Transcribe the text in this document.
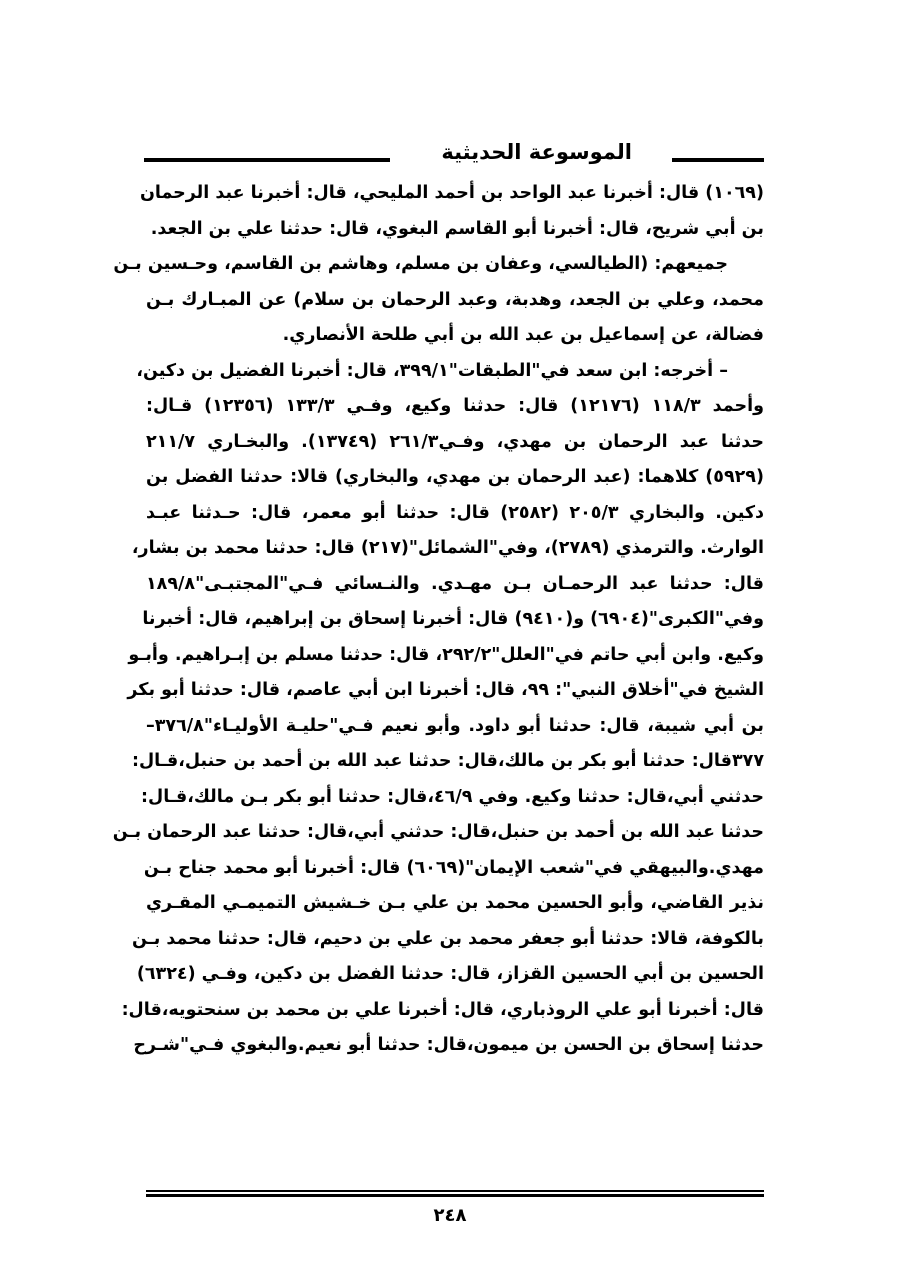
الموسوعة الحديثية
(١٠٦٩) قال: أخبرنا عبد الواحد بن أحمد المليحي، قال: أخبرنا عبد الرحمان
بن أبي شريح، قال: أخبرنا أبو القاسم البغوي، قال: حدثنا علي بن الجعد.
جميعهم: (الطيالسي، وعفان بن مسلم، وهاشم بن القاسم، وحـسين بـن
محمد، وعلي بن الجعد، وهدبة، وعبد الرحمان بن سلام) عن المبـارك بـن
فضالة، عن إسماعيل بن عبد الله بن أبي طلحة الأنصاري.
– أخرجه: ابن سعد في"الطبقات"٣٩٩/١، قال: أخبرنا الفضيل بن دكين،
وأحمد ١١٨/٣ (١٢١٧٦) قال: حدثنا وكيع، وفـي ١٣٣/٣ (١٢٣٥٦) قـال:
حدثنا عبد الرحمان بن مهدي، وفـي٢٦١/٣ (١٣٧٤٩). والبخـاري ٢١١/٧
(٥٩٢٩) كلاهما: (عبد الرحمان بن مهدي، والبخاري) قالا: حدثنا الفضل بن
دكين. والبخاري ٢٠٥/٣ (٢٥٨٢) قال: حدثنا أبو معمر، قال: حـدثنا عبـد
الوارث. والترمذي (٢٧٨٩)، وفي"الشمائل"(٢١٧) قال: حدثنا محمد بن بشار،
قال: حدثنا عبد الرحمـان بـن مهـدي. والنـسائي فـي"المجتبـى"١٨٩/٨
وفي"الكبرى"(٦٩٠٤) و(٩٤١٠) قال: أخبرنا إسحاق بن إبراهيم، قال: أخبرنا
وكيع. وابن أبي حاتم في"العلل"٢٩٢/٢، قال: حدثنا مسلم بن إبـراهيم. وأبـو
الشيخ في"أخلاق النبي": ٩٩، قال: أخبرنا ابن أبي عاصم، قال: حدثنا أبو بكر
بن أبي شيبة، قال: حدثنا أبو داود. وأبو نعيم فـي"حليـة الأوليـاء"٣٧٦/٨–
٣٧٧قال: حدثنا أبو بكر بن مالك،قال: حدثنا عبد الله بن أحمد بن حنبل،قـال:
حدثني أبي،قال: حدثنا وكيع. وفي ٤٦/٩،قال: حدثنا أبو بكر بـن مالك،قـال:
حدثنا عبد الله بن أحمد بن حنبل،قال: حدثني أبي،قال: حدثنا عبد الرحمان بـن
مهدي.والبيهقي في"شعب الإيمان"(٦٠٦٩) قال: أخبرنا أبو محمد جناح بـن
نذير القاضي، وأبو الحسين محمد بن علي بـن خـشيش التميمـي المقـري
بالكوفة، قالا: حدثنا أبو جعفر محمد بن علي بن دحيم، قال: حدثنا محمد بـن
الحسين بن أبي الحسين القزاز، قال: حدثنا الفضل بن دكين، وفـي (٦٣٢٤)
قال: أخبرنا أبو علي الروذباري، قال: أخبرنا علي بن محمد بن سنحتويه،قال:
حدثنا إسحاق بن الحسن بن ميمون،قال: حدثنا أبو نعيم.والبغوي فـي"شـرح
٢٤٨
